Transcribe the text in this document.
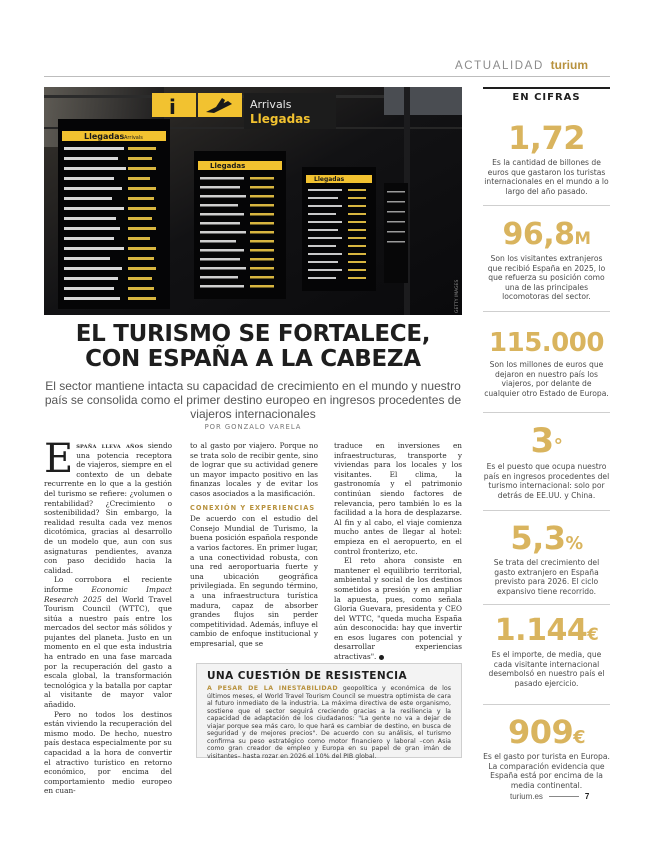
ACTUALIDAD turium
i	Arrivals
Llegadas
Llegadas Arrivals
Llegadas
Llegadas
GETTY IMAGES
EN CIFRAS
1,72
Es la cantidad de billones de euros que gastaron los turistas internacionales en el mundo a lo largo del año pasado.
96,8M
Son los visitantes extranjeros que recibió España en 2025, lo que refuerza su posición como una de las principales locomotoras del sector.
115.000
Son los millones de euros que dejaron en nuestro país los viajeros, por delante de cualquier otro Estado de Europa.
3°
Es el puesto que ocupa nuestro país en ingresos procedentes del turismo internacional: solo por detrás de EE.UU. y China.
5,3%
Se trata del crecimiento del gasto extranjero en España previsto para 2026. El ciclo expansivo tiene recorrido.
1.144€
Es el importe, de media, que cada visitante internacional desembolsó en nuestro país el pasado ejercicio.
909€
Es el gasto por turista en Europa. La comparación evidencia que España está por encima de la media continental.
EL TURISMO SE FORTALECE,
CON ESPAÑA A LA CABEZA
El sector mantiene intacta su capacidad de crecimiento en el mundo y nuestro país se consolida como el primer destino europeo en ingresos procedentes de viajeros internacionales
POR GONZALO VARELA

España lleva años siendo una potencia receptora de viajeros, siempre en el contexto de un debate recurrente en lo que a la gestión del turismo se refiere: ¿volumen o rentabilidad? ¿Crecimiento o sostenibilidad? Sin embargo, la realidad resulta cada vez menos dicotómica, gracias al desarrollo de un modelo que, aun con sus asignaturas pendientes, avanza con paso decidido hacia la calidad.

Lo corrobora el reciente informe Economic Impact Research 2025 del World Travel Tourism Council (WTTC), que sitúa a nuestro país entre los mercados del sector más sólidos y pujantes del planeta. Justo en un momento en el que esta industria ha entrado en una fase marcada por la recuperación del gasto a escala global, la transformación tecnológica y la batalla por captar al visitante de mayor valor añadido.

Pero no todos los destinos están viviendo la recuperación del mismo modo. De hecho, nuestro país destaca especialmente por su capacidad a la hora de convertir el atractivo turístico en retorno económico, por encima del comportamiento medio europeo en cuan-

to al gasto por viajero. Porque no se trata solo de recibir gente, sino de lograr que su actividad genere un mayor impacto positivo en las finanzas locales y de evitar los casos asociados a la masificación.

CONEXIÓN Y EXPERIENCIAS

De acuerdo con el estudio del Consejo Mundial de Turismo, la buena posición española responde a varios factores. En primer lugar, a una conectividad robusta, con una red aeroportuaria fuerte y una ubicación geográfica privilegiada. En segundo término, a una infraestructura turística madura, capaz de absorber grandes flujos sin perder competitividad. Además, influye el cambio de enfoque institucional y empresarial, que se

traduce en inversiones en infraestructuras, transporte y viviendas para los locales y los visitantes. El clima, la gastronomía y el patrimonio continúan siendo factores de relevancia, pero también lo es la facilidad a la hora de desplazarse. Al fin y al cabo, el viaje comienza mucho antes de llegar al hotel: empieza en el aeropuerto, en el control fronterizo, etc.

El reto ahora consiste en mantener el equilibrio territorial, ambiental y social de los destinos sometidos a presión y en ampliar la apuesta, pues, como señala Gloria Guevara, presidenta y CEO del WTTC, "queda mucha España aún desconocida: hay que invertir en esos lugares con potencial y desarrollar experiencias atractivas".

UNA CUESTIÓN DE RESISTENCIA
A PESAR DE LA INESTABILIDAD geopolítica y económica de los últimos meses, el World Travel Tourism Council se muestra optimista de cara al futuro inmediato de la industria. La máxima directiva de este organismo, sostiene que el sector seguirá creciendo gracias a la resiliencia y la capacidad de adaptación de los ciudadanos: "La gente no va a dejar de viajar porque sea más caro, lo que hará es cambiar de destino, en busca de seguridad y de mejores precios". De acuerdo con su análisis, el turismo confirma su peso estratégico como motor financiero y laboral –con Asia como gran creador de empleo y Europa en su papel de gran imán de visitantes– hasta rozar en 2026 el 10% del PIB global.
turium.es	7
